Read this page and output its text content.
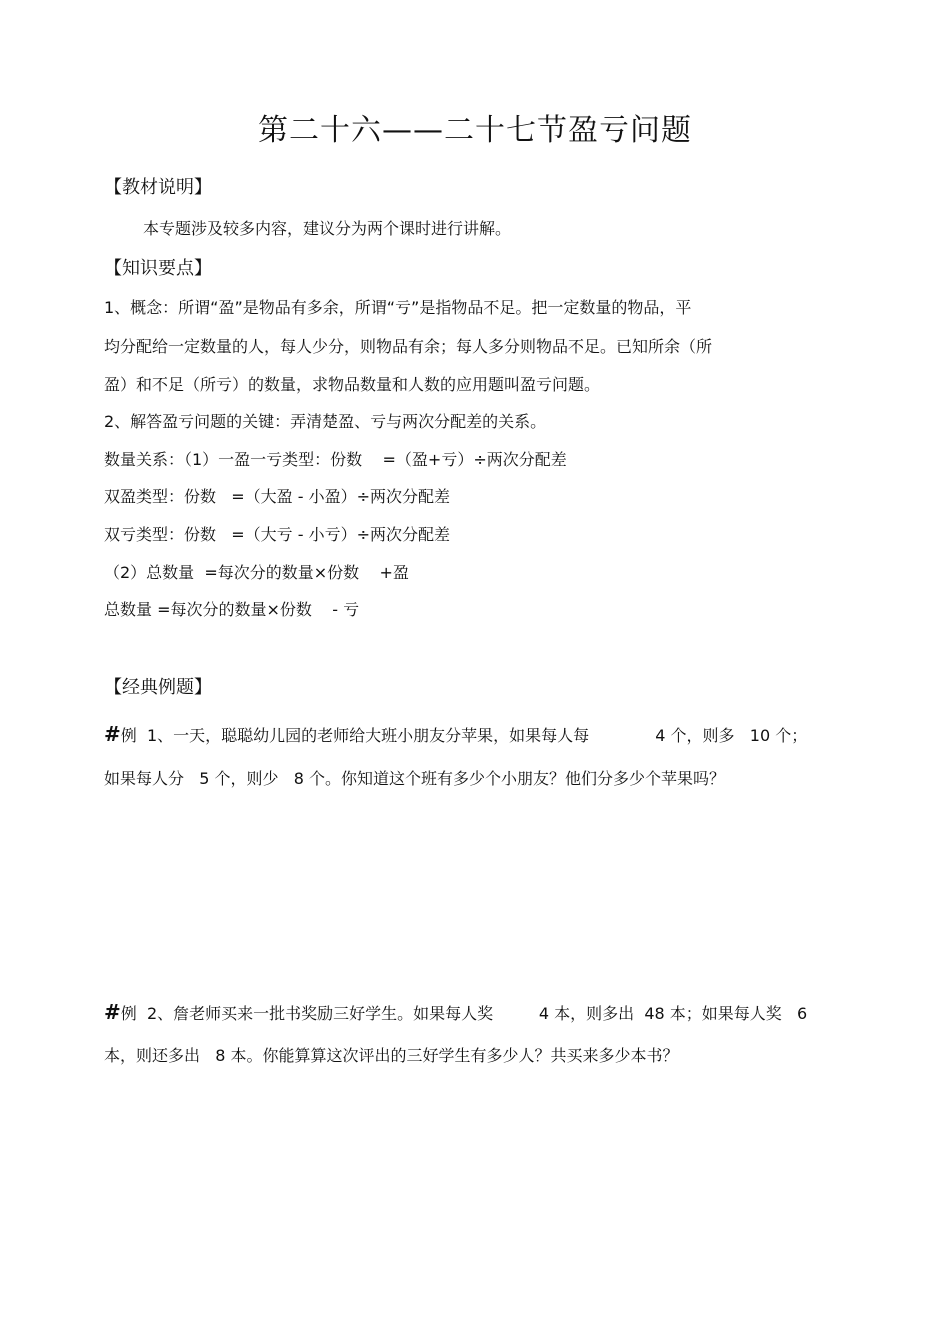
第二十六——二十七节盈亏问题
【教材说明】
本专题涉及较多内容，建议分为两个课时进行讲解。
【知识要点】
1、概念：所谓“盈”是物品有多余，所谓“亏”是指物品不足。把一定数量的物品，平
均分配给一定数量的人，每人少分，则物品有余；每人多分则物品不足。已知所余（所
盈）和不足（所亏）的数量，求物品数量和人数的应用题叫盈亏问题。
2、解答盈亏问题的关键：弄清楚盈、亏与两次分配差的关系。
数量关系：（1）一盈一亏类型：份数    =（盈+亏）÷两次分配差
双盈类型：份数   =（大盈 - 小盈）÷两次分配差
双亏类型：份数   =（大亏 - 小亏）÷两次分配差
（2）总数量  =每次分的数量×份数    +盈
总数量 =每次分的数量×份数    - 亏
【经典例题】
#例  1、一天，聪聪幼儿园的老师给大班小朋友分苹果，如果每人每             4 个，则多   10 个；
如果每人分   5 个，则少   8 个。你知道这个班有多少个小朋友？他们分多少个苹果吗？
#例  2、詹老师买来一批书奖励三好学生。如果每人奖         4 本，则多出  48 本；如果每人奖   6
本，则还多出   8 本。你能算算这次评出的三好学生有多少人？共买来多少本书？
